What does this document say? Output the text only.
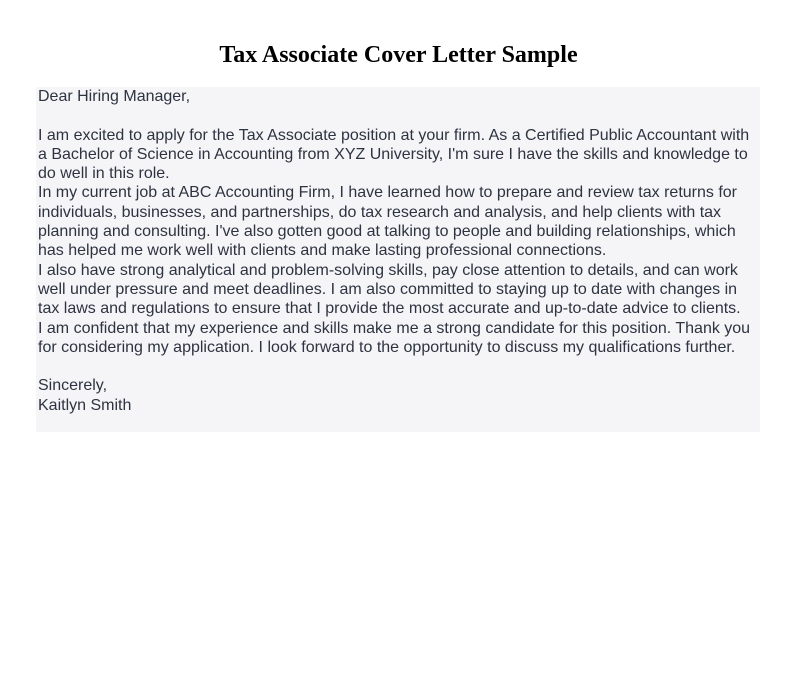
Tax Associate Cover Letter Sample

Dear Hiring Manager,

I am excited to apply for the Tax Associate position at your firm. As a Certified Public Accountant with a Bachelor of Science in Accounting from XYZ University, I'm sure I have the skills and knowledge to do well in this role.

In my current job at ABC Accounting Firm, I have learned how to prepare and review tax returns for individuals, businesses, and partnerships, do tax research and analysis, and help clients with tax planning and consulting. I've also gotten good at talking to people and building relationships, which has helped me work well with clients and make lasting professional connections.

I also have strong analytical and problem-solving skills, pay close attention to details, and can work well under pressure and meet deadlines. I am also committed to staying up to date with changes in tax laws and regulations to ensure that I provide the most accurate and up-to-date advice to clients.

I am confident that my experience and skills make me a strong candidate for this position. Thank you for considering my application. I look forward to the opportunity to discuss my qualifications further.

Sincerely,

Kaitlyn Smith
